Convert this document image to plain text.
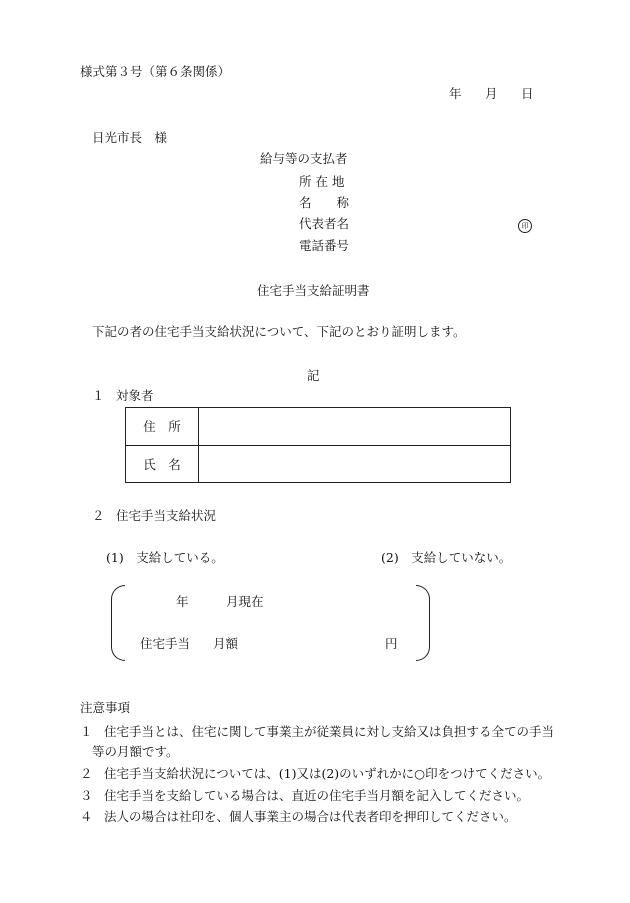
様式第３号（第６条関係）
年 月 日
日光市長　様
給与等の支払者
所 在 地
名　　称
代表者名	印
電話番号
住宅手当支給証明書
下記の者の住宅手当支給状況について、下記のとおり証明します。
記
１ 対象者
住　所
氏　名
２ 住宅手当支給状況
(1)　支給している。	(2)　支給していない。
年	月現在
住宅手当 月額	円
注意事項
１ 住宅手当とは、住宅に関して事業主が従業員に対し支給又は負担する全ての手当
等の月額です。
２ 住宅手当支給状況については、(1)又は(2)のいずれかに○印をつけてください。
３ 住宅手当を支給している場合は、直近の住宅手当月額を記入してください。
４ 法人の場合は社印を、個人事業主の場合は代表者印を押印してください。
